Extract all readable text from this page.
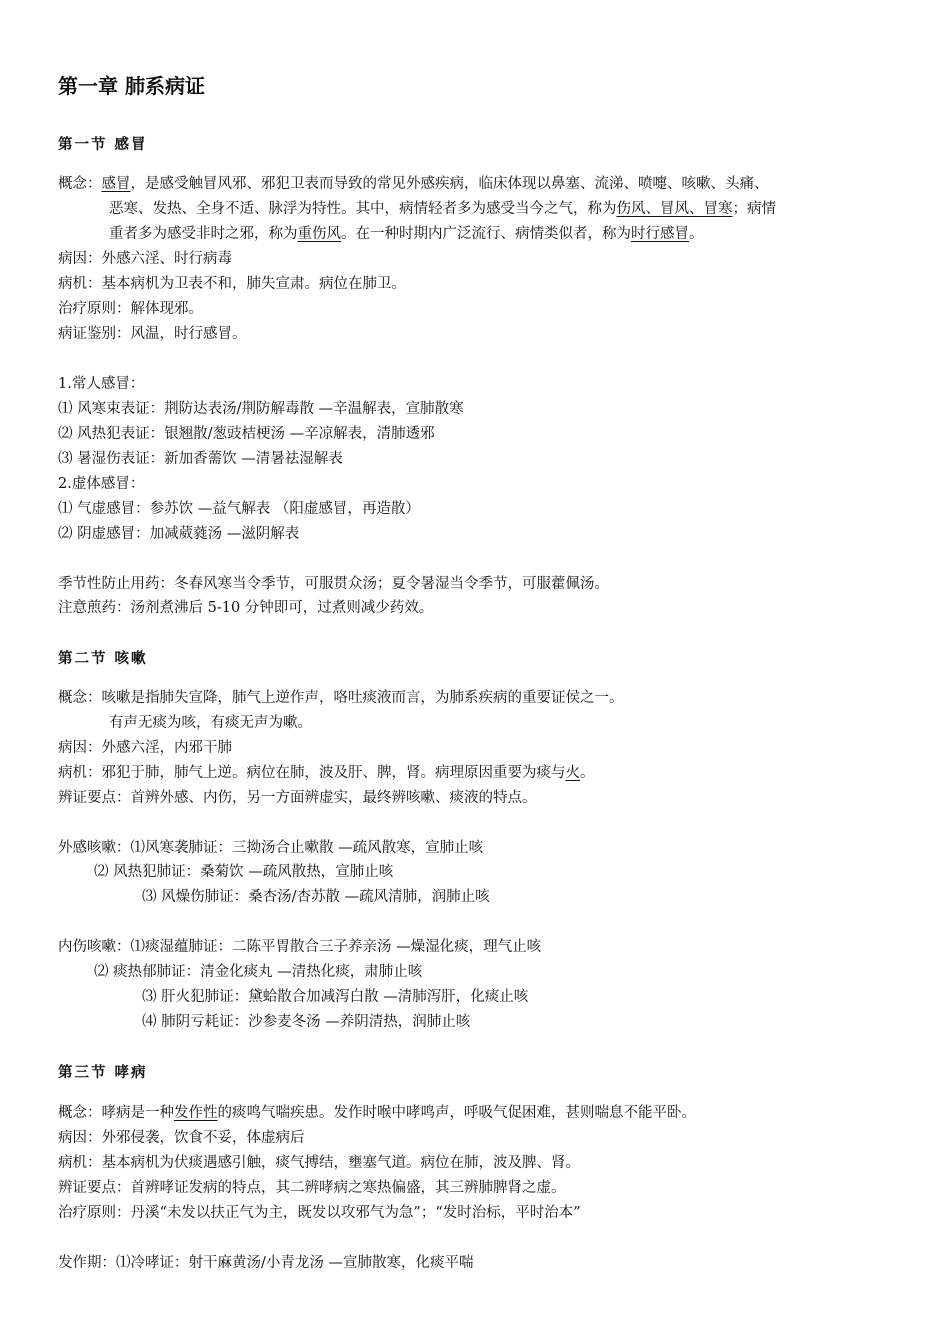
第一章 肺系病证
第一节 感冒
概念：感冒，是感受触冒风邪、邪犯卫表而导致的常见外感疾病，临床体现以鼻塞、流涕、喷嚏、咳嗽、头痛、
恶寒、发热、全身不适、脉浮为特性。其中，病情轻者多为感受当今之气，称为伤风、冒风、冒寒；病情
重者多为感受非时之邪，称为重伤风。在一种时期内广泛流行、病情类似者，称为时行感冒。
病因：外感六淫、时行病毒
病机：基本病机为卫表不和，肺失宣肃。病位在肺卫。
治疗原则：解体现邪。
病证鉴别：风温，时行感冒。
1.常人感冒：
⑴ 风寒束表证：荆防达表汤/荆防解毒散 —辛温解表，宣肺散寒
⑵ 风热犯表证：银翘散/葱豉桔梗汤 —辛凉解表，清肺透邪
⑶ 暑湿伤表证：新加香薷饮 —清暑祛湿解表
2.虚体感冒：
⑴ 气虚感冒：参苏饮 —益气解表 （阳虚感冒，再造散）
⑵ 阴虚感冒：加减葳蕤汤 —滋阴解表
季节性防止用药：冬春风寒当令季节，可服贯众汤；夏令暑湿当令季节，可服藿佩汤。
注意煎药：汤剂煮沸后 5-10 分钟即可，过煮则减少药效。
第二节 咳嗽
概念：咳嗽是指肺失宣降，肺气上逆作声，咯吐痰液而言，为肺系疾病的重要证侯之一。
有声无痰为咳，有痰无声为嗽。
病因：外感六淫，内邪干肺
病机：邪犯于肺，肺气上逆。病位在肺，波及肝、脾，肾。病理原因重要为痰与火。
辨证要点：首辨外感、内伤，另一方面辨虚实，最终辨咳嗽、痰液的特点。
外感咳嗽：⑴风寒袭肺证：三拗汤合止嗽散 —疏风散寒，宣肺止咳
⑵ 风热犯肺证：桑菊饮 —疏风散热，宣肺止咳
⑶ 风燥伤肺证：桑杏汤/杏苏散 —疏风清肺，润肺止咳
内伤咳嗽：⑴痰湿蕴肺证：二陈平胃散合三子养亲汤 —燥湿化痰，理气止咳
⑵ 痰热郁肺证：清金化痰丸 —清热化痰，肃肺止咳
⑶ 肝火犯肺证：黛蛤散合加减泻白散 —清肺泻肝，化痰止咳
⑷ 肺阴亏耗证：沙参麦冬汤 —养阴清热，润肺止咳
第三节 哮病
概念：哮病是一种发作性的痰鸣气喘疾患。发作时喉中哮鸣声，呼吸气促困难，甚则喘息不能平卧。
病因：外邪侵袭，饮食不妥，体虚病后
病机：基本病机为伏痰遇感引触，痰气搏结，壅塞气道。病位在肺，波及脾、肾。
辨证要点：首辨哮证发病的特点，其二辨哮病之寒热偏盛，其三辨肺脾肾之虚。
治疗原则：丹溪“未发以扶正气为主，既发以攻邪气为急”；“发时治标，平时治本”
发作期：⑴冷哮证：射干麻黄汤/小青龙汤 —宣肺散寒，化痰平喘
